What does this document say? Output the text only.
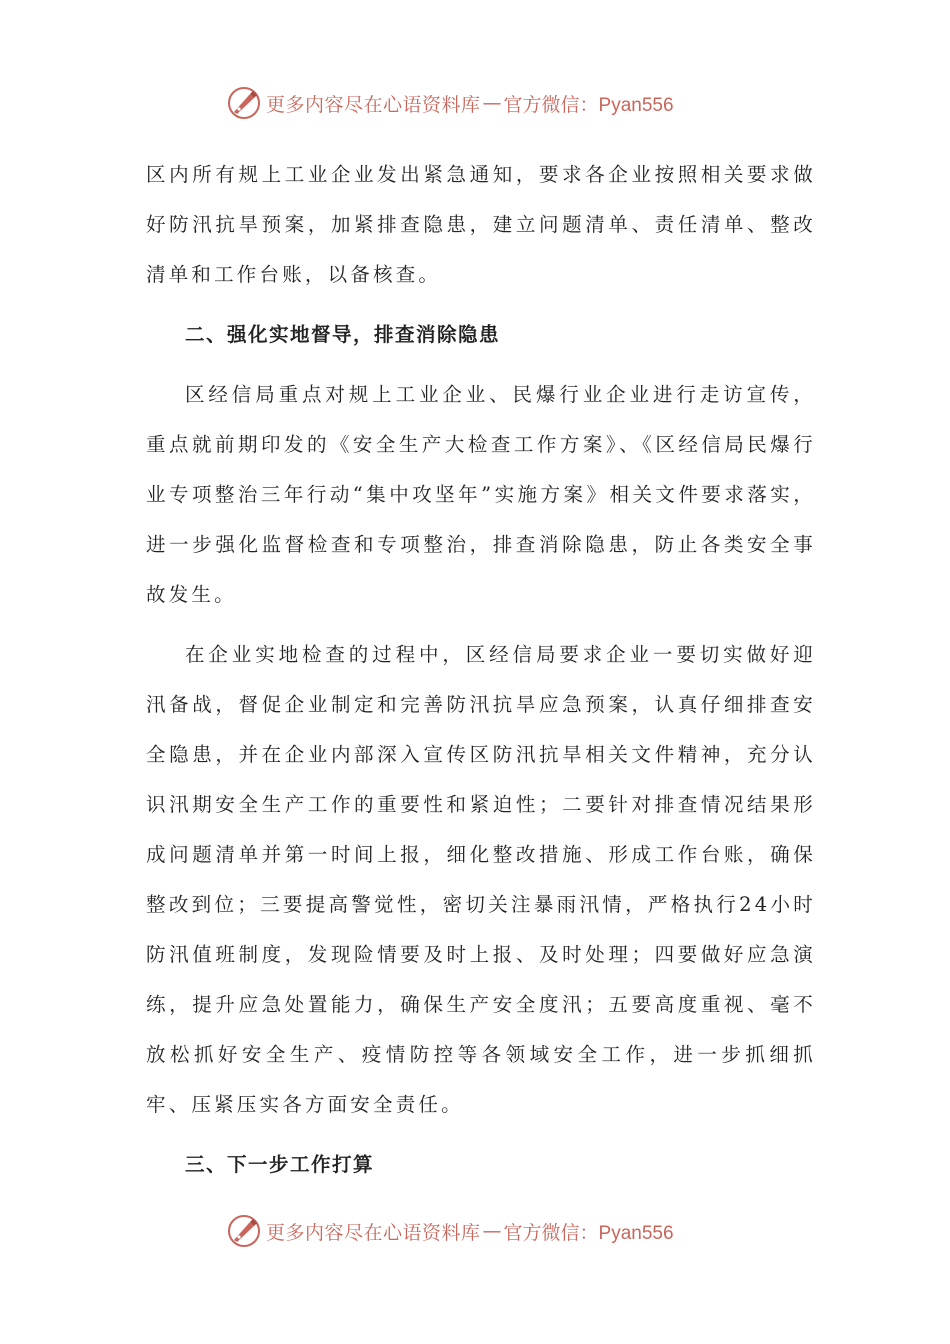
更多内容尽在心语资料库 — 官方微信：Pyan556

区内所有规上工业企业发出紧急通知，要求各企业按照相关要求做好防汛抗旱预案，加紧排查隐患，建立问题清单、责任清单、整改清单和工作台账，以备核查。

二、强化实地督导，排查消除隐患

区经信局重点对规上工业企业、民爆行业企业进行走访宣传，重点就前期印发的《安全生产大检查工作方案》、《区经信局民爆行业专项整治三年行动“集中攻坚年”实施方案》相关文件要求落实，进一步强化监督检查和专项整治，排查消除隐患，防止各类安全事故发生。

在企业实地检查的过程中，区经信局要求企业一要切实做好迎汛备战，督促企业制定和完善防汛抗旱应急预案，认真仔细排查安全隐患，并在企业内部深入宣传区防汛抗旱相关文件精神，充分认识汛期安全生产工作的重要性和紧迫性；二要针对排查情况结果形成问题清单并第一时间上报，细化整改措施、形成工作台账，确保整改到位；三要提高警觉性，密切关注暴雨汛情，严格执行24小时防汛值班制度，发现险情要及时上报、及时处理；四要做好应急演练，提升应急处置能力，确保生产安全度汛；五要高度重视、毫不放松抓好安全生产、疫情防控等各领域安全工作，进一步抓细抓牢、压紧压实各方面安全责任。

三、下一步工作打算

更多内容尽在心语资料库 — 官方微信：Pyan556
